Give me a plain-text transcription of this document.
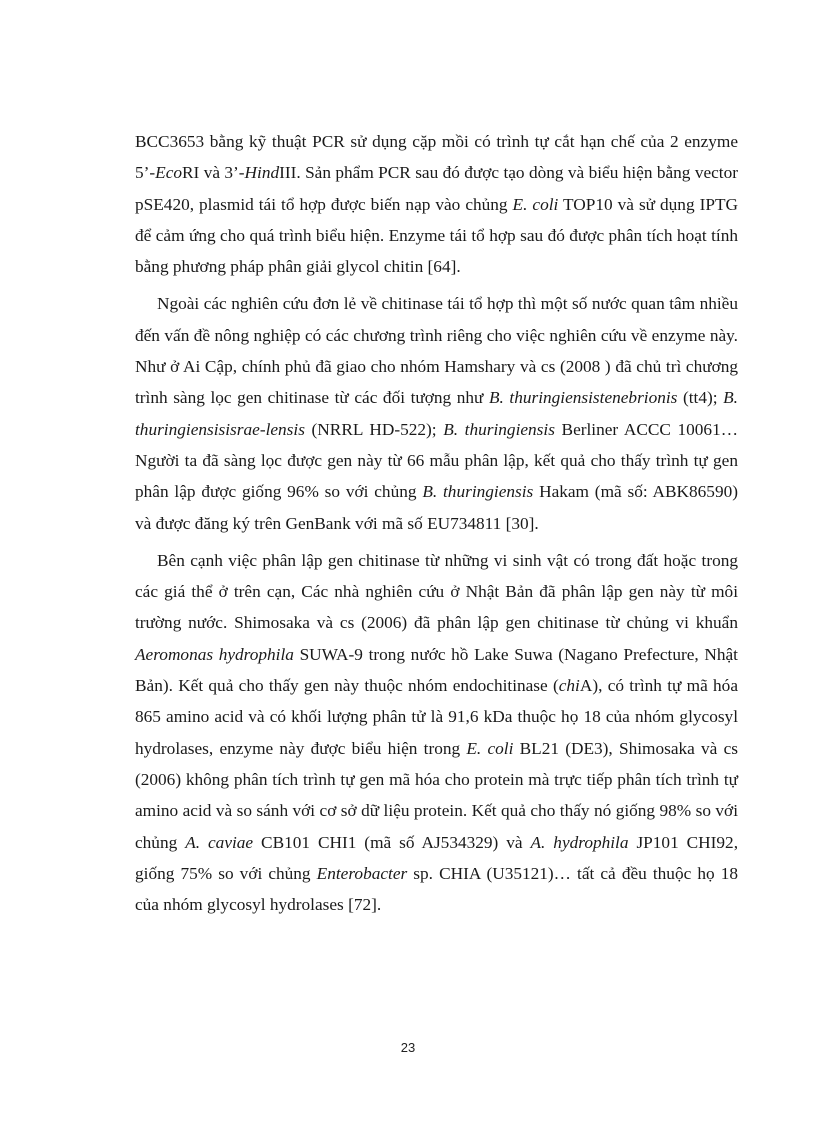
BCC3653 bằng kỹ thuật PCR sử dụng cặp mồi có trình tự cắt hạn chế của 2 enzyme 5’-EcoRI và 3’-HindIII. Sản phẩm PCR sau đó được tạo dòng và biểu hiện bằng vector pSE420, plasmid tái tổ hợp được biến nạp vào chủng E. coli TOP10 và sử dụng IPTG để cảm ứng cho quá trình biểu hiện. Enzyme tái tổ hợp sau đó được phân tích hoạt tính bằng phương pháp phân giải glycol chitin [64].

Ngoài các nghiên cứu đơn lẻ về chitinase tái tổ hợp thì một số nước quan tâm nhiều đến vấn đề nông nghiệp có các chương trình riêng cho việc nghiên cứu về enzyme này. Như ở Ai Cập, chính phủ đã giao cho nhóm Hamshary và cs (2008 ) đã chủ trì chương trình sàng lọc gen chitinase từ các đối tượng như B. thuringiensistenebrionis (tt4); B. thuringiensisisrae-lensis (NRRL HD-522); B. thuringiensis Berliner ACCC 10061…Người ta đã sàng lọc được gen này từ 66 mẫu phân lập, kết quả cho thấy trình tự gen phân lập được giống 96% so với chủng B. thuringiensis Hakam (mã số: ABK86590) và được đăng ký trên GenBank với mã số EU734811 [30].

Bên cạnh việc phân lập gen chitinase từ những vi sinh vật có trong đất hoặc trong các giá thể ở trên cạn, Các nhà nghiên cứu ở Nhật Bản đã phân lập gen này từ môi trường nước. Shimosaka và cs (2006) đã phân lập gen chitinase từ chủng vi khuẩn Aeromonas hydrophila SUWA-9 trong nước hồ Lake Suwa (Nagano Prefecture, Nhật Bản). Kết quả cho thấy gen này thuộc nhóm endochitinase (chiA), có trình tự mã hóa 865 amino acid và có khối lượng phân tử là 91,6 kDa thuộc họ 18 của nhóm glycosyl hydrolases, enzyme này được biểu hiện trong E. coli BL21 (DE3), Shimosaka và cs (2006) không phân tích trình tự gen mã hóa cho protein mà trực tiếp phân tích trình tự amino acid và so sánh với cơ sở dữ liệu protein. Kết quả cho thấy nó giống 98% so với chủng A. caviae CB101 CHI1 (mã số AJ534329) và A. hydrophila JP101 CHI92, giống 75% so với chủng Enterobacter sp. CHIA (U35121)… tất cả đều thuộc họ 18 của nhóm glycosyl hydrolases [72].

23
